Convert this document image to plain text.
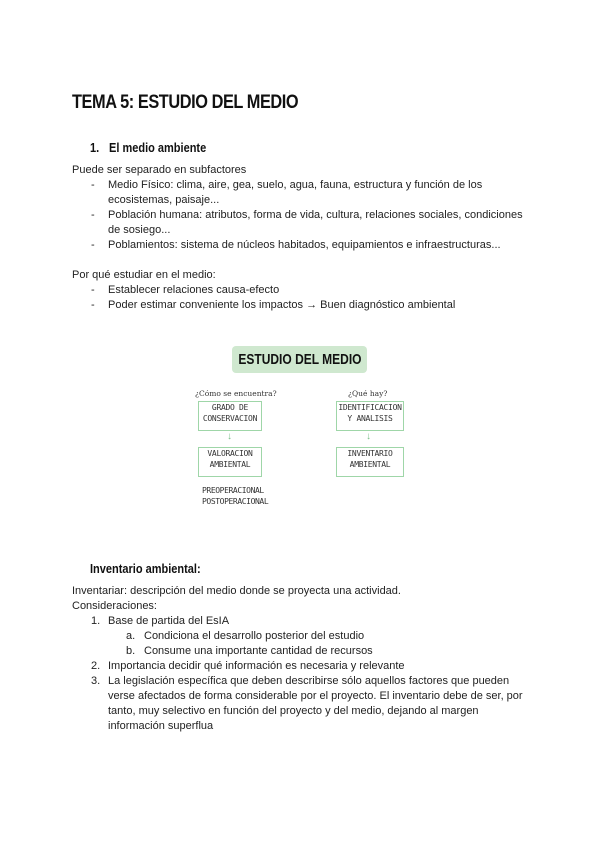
TEMA 5: ESTUDIO DEL MEDIO
1. El medio ambiente
Puede ser separado en subfactores
- Medio Físico: clima, aire, gea, suelo, agua, fauna, estructura y función de los ecosistemas, paisaje...
- Población humana: atributos, forma de vida, cultura, relaciones sociales, condiciones de sosiego...
- Poblamientos: sistema de núcleos habitados, equipamientos e infraestructuras...
Por qué estudiar en el medio:
- Establecer relaciones causa-efecto
- Poder estimar conveniente los impactos → Buen diagnóstico ambiental
ESTUDIO DEL MEDIO
¿Cómo se encuentra?	¿Qué hay?
GRADO DE
CONSERVACION
↓
VALORACION
AMBIENTAL
PREOPERACIONAL
POSTOPERACIONAL
IDENTIFICACION
Y ANALISIS
↓
INVENTARIO
AMBIENTAL
Inventario ambiental:
Inventariar: descripción del medio donde se proyecta una actividad.
Consideraciones:
1. Base de partida del EsIA
a. Condiciona el desarrollo posterior del estudio
b. Consume una importante cantidad de recursos
2. Importancia decidir qué información es necesaria y relevante
3. La legislación específica que deben describirse sólo aquellos factores que pueden verse afectados de forma considerable por el proyecto. El inventario debe de ser, por tanto, muy selectivo en función del proyecto y del medio, dejando al margen información superflua
